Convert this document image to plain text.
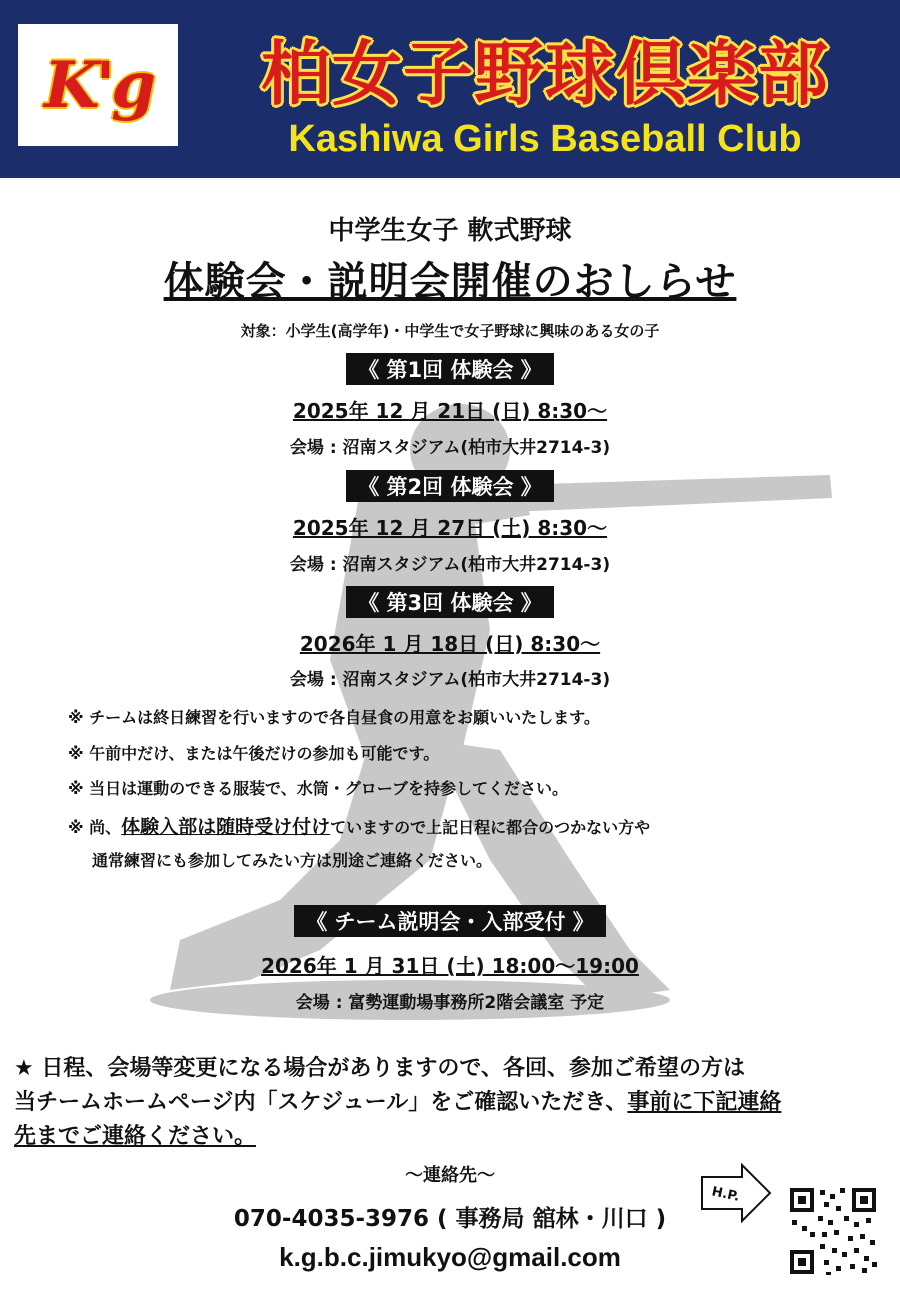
K'g	柏女子野球倶楽部
Kashiwa Girls Baseball Club
中学生女子 軟式野球
体験会・説明会開催のおしらせ
対象：小学生(高学年)・中学生で女子野球に興味のある女の子
《 第1回 体験会 》
2025年 12 月 21日 (日) 8:30～
会場 : 沼南スタジアム(柏市大井2714-3)
《 第2回 体験会 》
2025年 12 月 27日 (土) 8:30～
会場 : 沼南スタジアム(柏市大井2714-3)
《 第3回 体験会 》
2026年 1 月 18日 (日) 8:30～
会場 : 沼南スタジアム(柏市大井2714-3)
※ チームは終日練習を行いますので各自昼食の用意をお願いいたします。
※ 午前中だけ、または午後だけの参加も可能です。
※ 当日は運動のできる服装で、水筒・グローブを持参してください。
※ 尚、体験入部は随時受け付けていますので上記日程に都合のつかない方や
通常練習にも参加してみたい方は別途ご連絡ください。
《 チーム説明会・入部受付 》
2026年 1 月 31日 (土) 18:00～19:00
会場 : 富勢運動場事務所2階会議室 予定
★ 日程、会場等変更になる場合がありますので、各回、参加ご希望の方は
当チームホームページ内「スケジュール」をご確認いただき、事前に下記連絡
先までご連絡ください。
～連絡先～
070-4035-3976 ( 事務局 舘林・川口 )
k.g.b.c.jimukyo@gmail.com
H.P.
